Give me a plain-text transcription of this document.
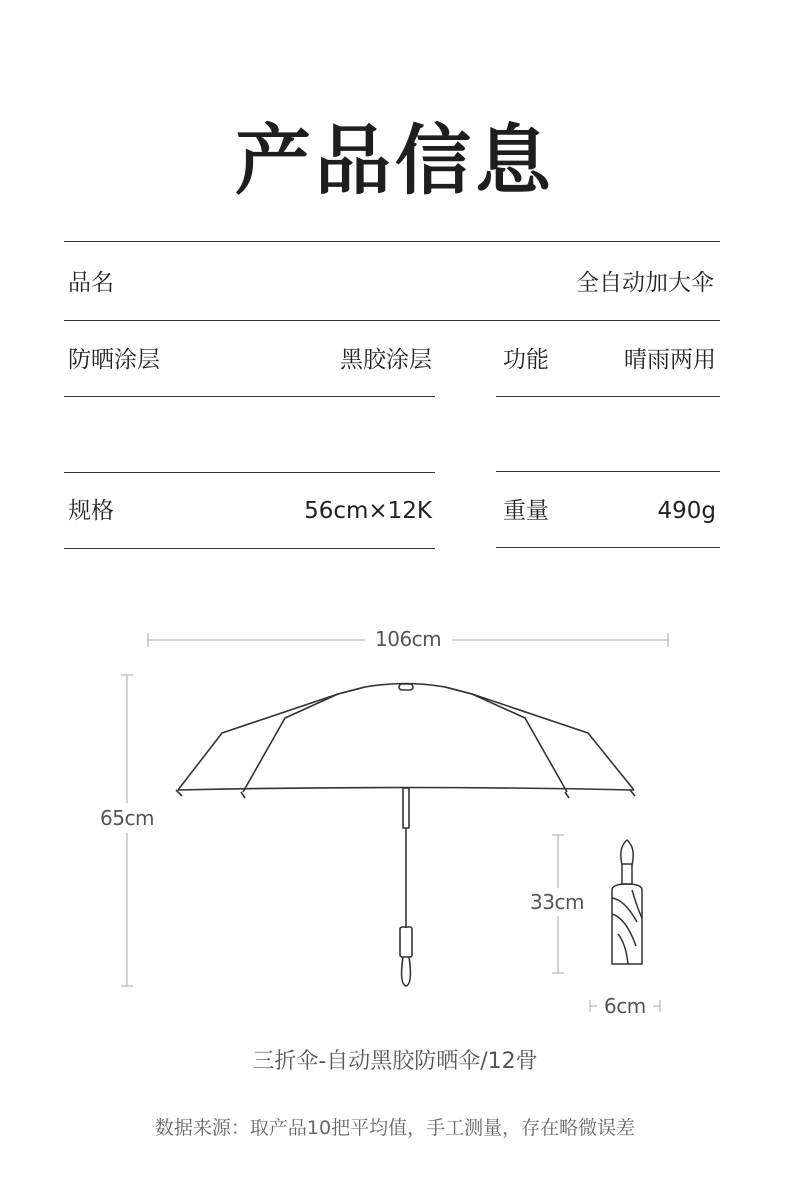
产品信息
品名	全自动加大伞
防晒涂层	黑胶涂层	功能	晴雨两用
规格	56cm×12K	重量	490g
106cm
65cm
33cm
6cm
三折伞-自动黑胶防晒伞/12骨
数据来源：取产品10把平均值，手工测量，存在略微误差
